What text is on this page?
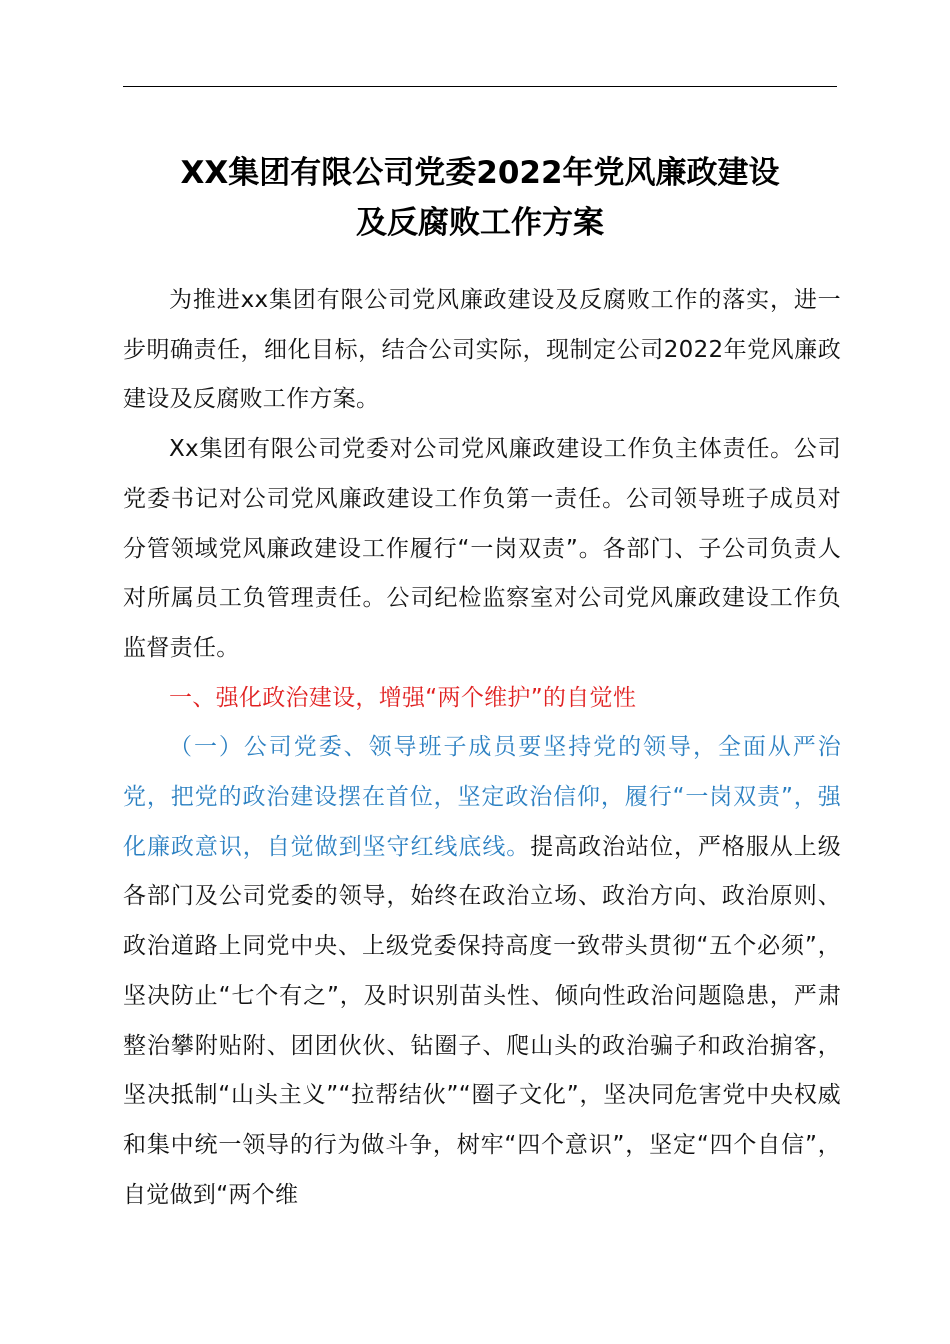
XX集团有限公司党委2022年党风廉政建设
及反腐败工作方案

为推进xx集团有限公司党风廉政建设及反腐败工作的落实，进一步明确责任，细化目标，结合公司实际，现制定公司2022年党风廉政建设及反腐败工作方案。

Xx集团有限公司党委对公司党风廉政建设工作负主体责任。公司党委书记对公司党风廉政建设工作负第一责任。公司领导班子成员对分管领域党风廉政建设工作履行“一岗双责”。各部门、子公司负责人对所属员工负管理责任。公司纪检监察室对公司党风廉政建设工作负监督责任。

一、强化政治建设，增强“两个维护”的自觉性

（一）公司党委、领导班子成员要坚持党的领导，全面从严治党，把党的政治建设摆在首位，坚定政治信仰，履行“一岗双责”，强化廉政意识，自觉做到坚守红线底线。提高政治站位，严格服从上级各部门及公司党委的领导，始终在政治立场、政治方向、政治原则、政治道路上同党中央、上级党委保持高度一致带头贯彻“五个必须”，坚决防止“七个有之”，及时识别苗头性、倾向性政治问题隐患，严肃整治攀附贴附、团团伙伙、钻圈子、爬山头的政治骗子和政治掮客，坚决抵制“山头主义”“拉帮结伙”“圈子文化”，坚决同危害党中央权威和集中统一领导的行为做斗争，树牢“四个意识”，坚定“四个自信”，自觉做到“两个维
